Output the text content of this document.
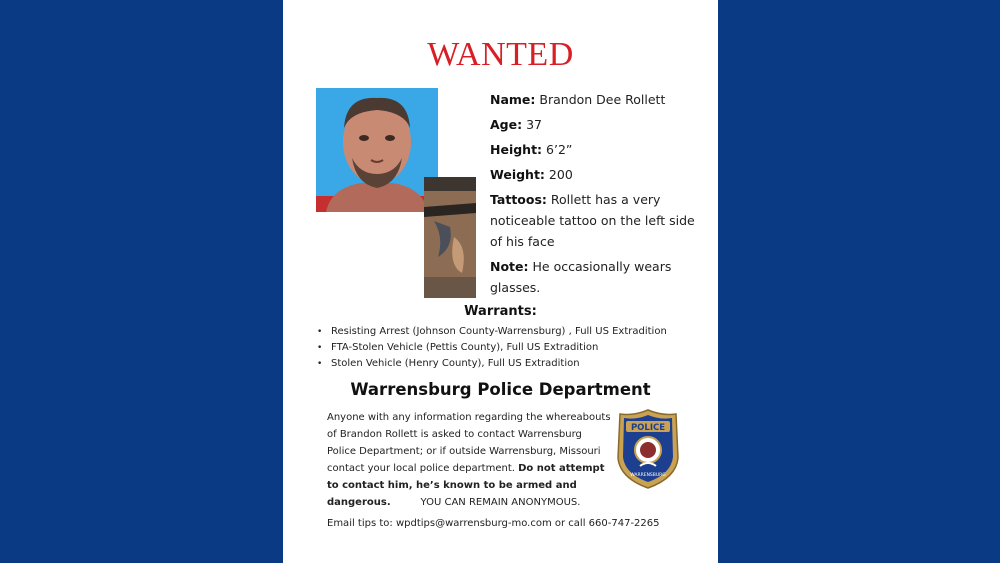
WANTED

Name: Brandon Dee Rollett

Age: 37

Height: 6’2”

Weight: 200

Tattoos: Rollett has a very noticeable tattoo on the left side of his face

Note: He occasionally wears glasses.

Warrants:
• Resisting Arrest (Johnson County-Warrensburg) , Full US Extradition
• FTA-Stolen Vehicle (Pettis County), Full US Extradition
• Stolen Vehicle (Henry County), Full US Extradition
Warrensburg Police Department
Anyone with any information regarding the whereabouts of Brandon Rollett is asked to contact Warrensburg Police Department; or if outside Warrensburg, Missouri contact your local police department. Do not attempt to contact him, he’s known to be armed and dangerous.
POLICE
WARRENSBURG
YOU CAN REMAIN ANONYMOUS.
Email tips to: wpdtips@warrensburg-mo.com or call 660-747-2265
